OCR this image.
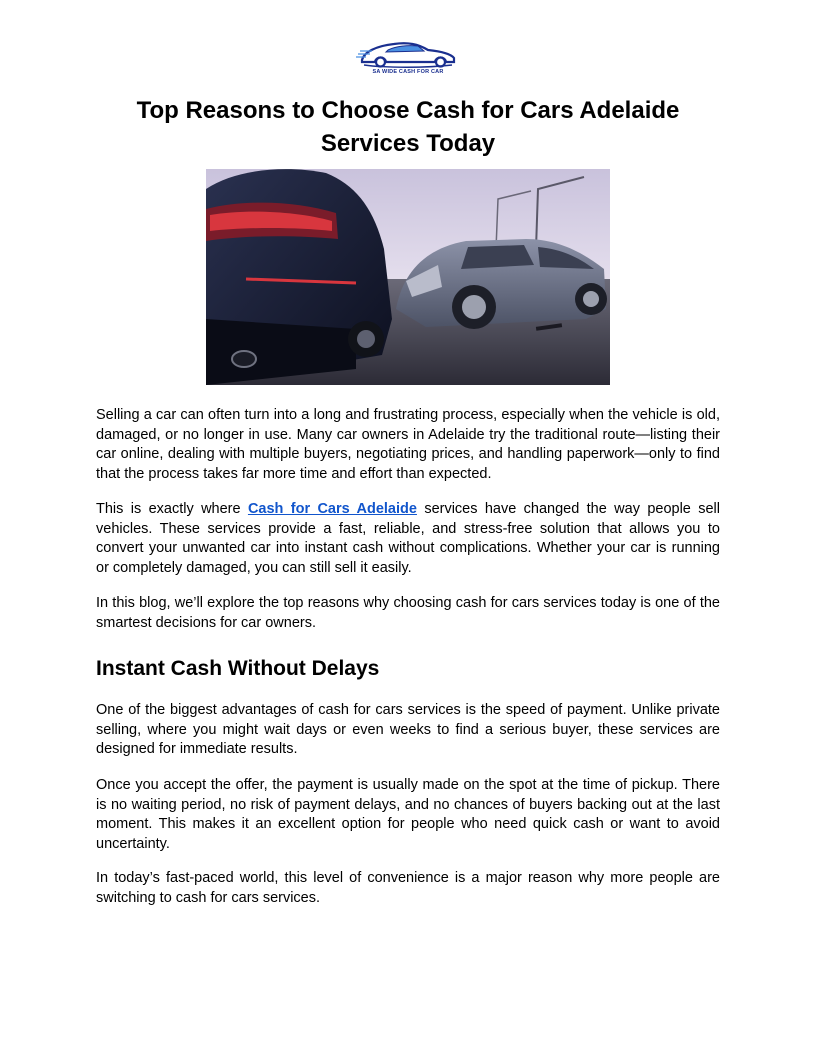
SA WIDE CASH FOR CAR
Top Reasons to Choose Cash for Cars Adelaide Services Today

Selling a car can often turn into a long and frustrating process, especially when the vehicle is old, damaged, or no longer in use. Many car owners in Adelaide try the traditional route—listing their car online, dealing with multiple buyers, negotiating prices, and handling paperwork—only to find that the process takes far more time and effort than expected.

This is exactly where Cash for Cars Adelaide services have changed the way people sell vehicles. These services provide a fast, reliable, and stress-free solution that allows you to convert your unwanted car into instant cash without complications. Whether your car is running or completely damaged, you can still sell it easily.

In this blog, we’ll explore the top reasons why choosing cash for cars services today is one of the smartest decisions for car owners.

Instant Cash Without Delays

One of the biggest advantages of cash for cars services is the speed of payment. Unlike private selling, where you might wait days or even weeks to find a serious buyer, these services are designed for immediate results.

Once you accept the offer, the payment is usually made on the spot at the time of pickup. There is no waiting period, no risk of payment delays, and no chances of buyers backing out at the last moment. This makes it an excellent option for people who need quick cash or want to avoid uncertainty.

In today’s fast-paced world, this level of convenience is a major reason why more people are switching to cash for cars services.
